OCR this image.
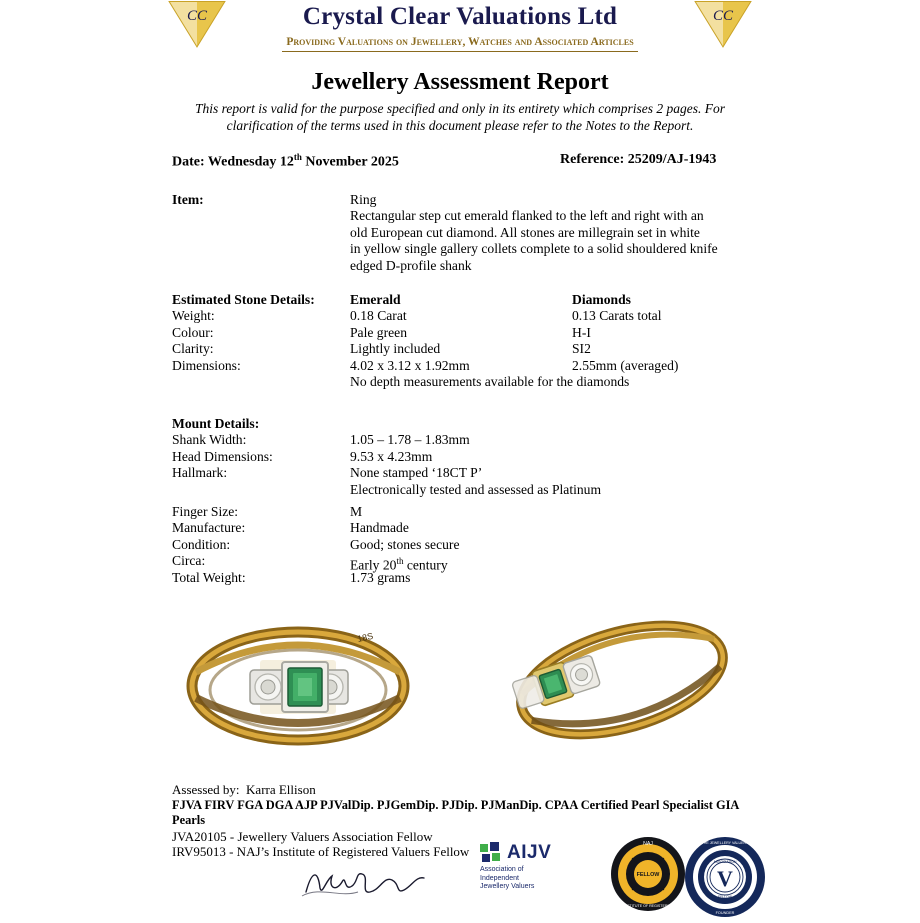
CC	CC
Crystal Clear Valuations Ltd
Providing Valuations on Jewellery, Watches and Associated Articles
Jewellery Assessment Report
This report is valid for the purpose specified and only in its entirety which comprises 2 pages. For
clarification of the terms used in this document please refer to the Notes to the Report.
Date: Wednesday 12th November 2025	Reference: 25209/AJ-1943
Item:	Ring
Rectangular step cut emerald flanked to the left and right with an
old European cut diamond. All stones are millegrain set in white
in yellow single gallery collets complete to a solid shouldered knife
edged D-profile shank
Estimated Stone Details:	Emerald	Diamonds
Weight:	0.18 Carat	0.13 Carats total
Colour:	Pale green	H-I
Clarity:	Lightly included	SI2
Dimensions:	4.02 x 3.12 x 1.92mm	2.55mm (averaged)
No depth measurements available for the diamonds
Mount Details:
Shank Width:	1.05 – 1.78 – 1.83mm
Head Dimensions:	9.53 x 4.23mm
Hallmark:	None stamped ‘18CT P’
Electronically tested and assessed as Platinum
Finger Size:	M
Manufacture:	Handmade
Condition:	Good; stones secure
Circa:	Early 20th century
Total Weight:	1.73 grams
18S
Assessed by: Karra Ellison
FJVA FIRV FGA DGA AJP PJValDip. PJGemDip. PJDip. PJManDip. CPAA Certified Pearl Specialist GIA Pearls
JVA20105 - Jewellery Valuers Association Fellow
IRV95013 - NAJ’s Institute of Registered Valuers Fellow	AIJV
Association of
Independent
Jewellery Valuers
NAJ
FELLOW
INSTITUTE OF REGISTERED
V
THE JEWELLERY VALUERS
FOUNDER
ASSOCIATION
FELLOW
